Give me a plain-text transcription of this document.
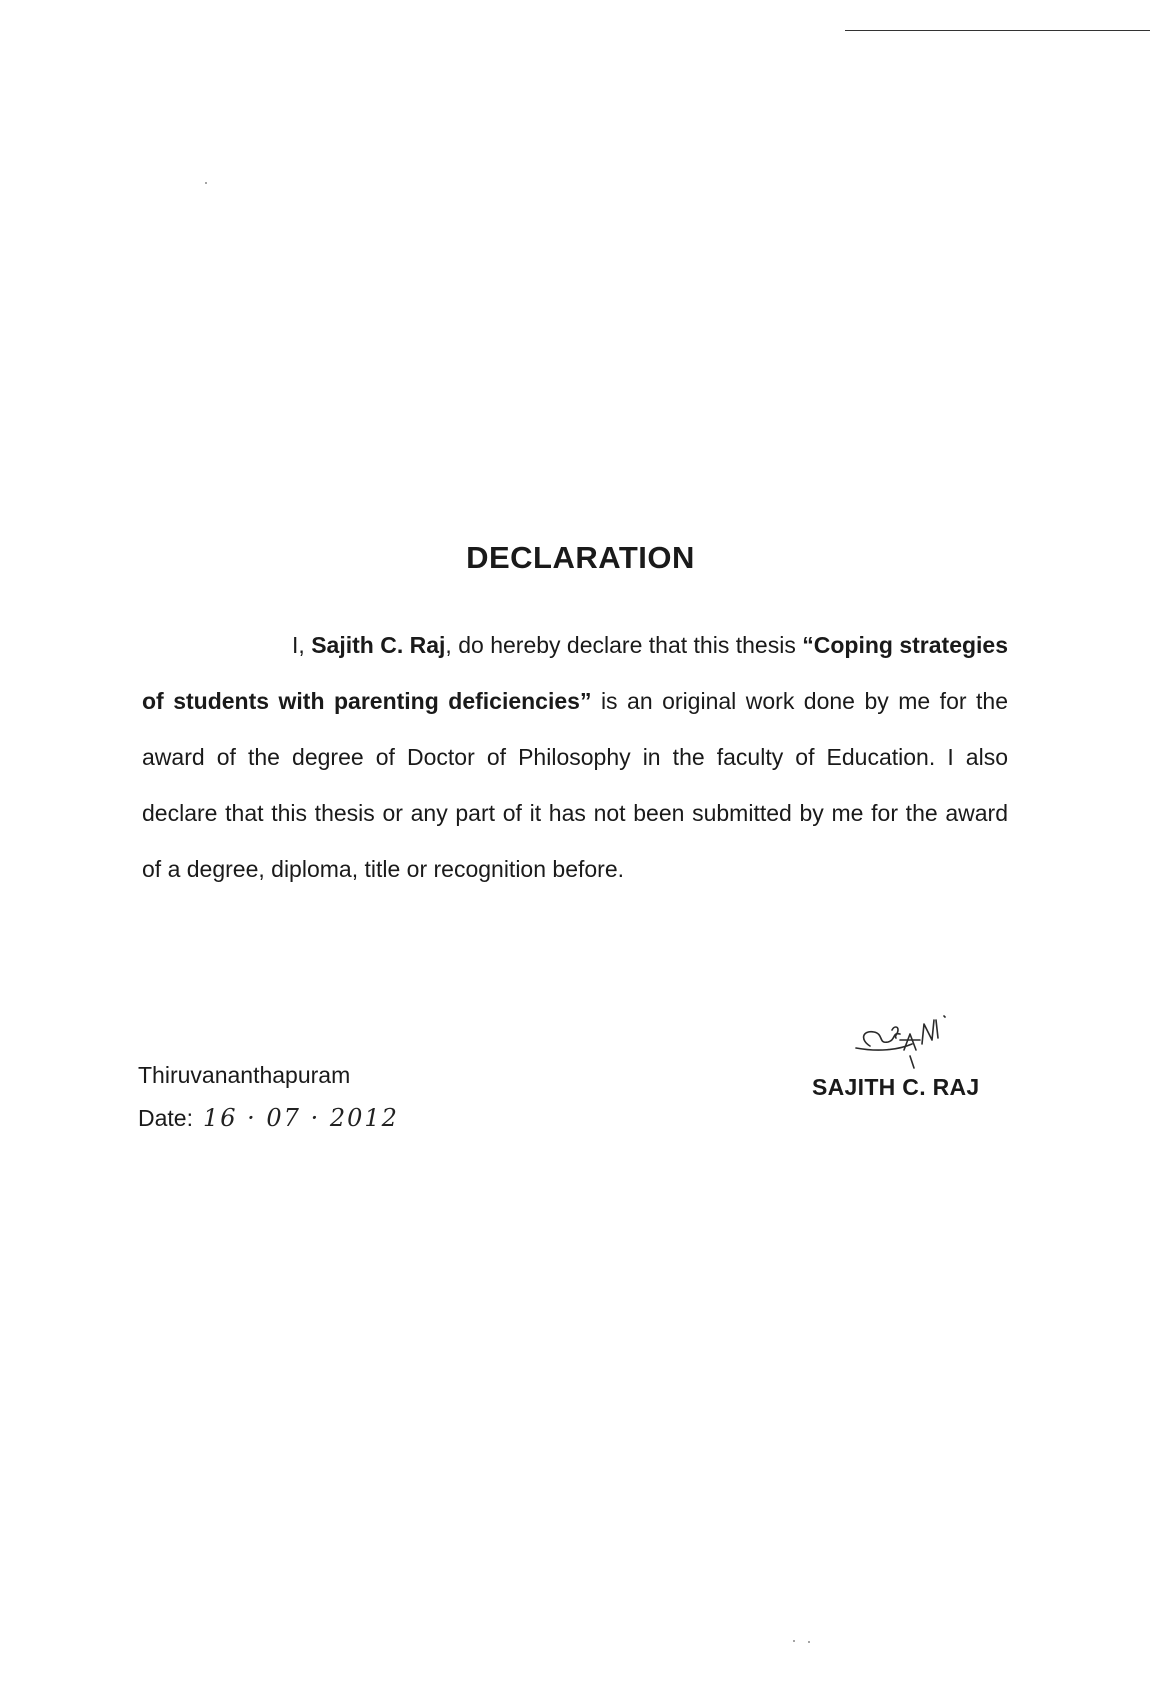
DECLARATION

I, Sajith C. Raj, do hereby declare that this thesis “Coping strategies of students with parenting deficiencies” is an original work done by me for the award of the degree of Doctor of Philosophy in the faculty of Education. I also declare that this thesis or any part of it has not been submitted by me for the award of a degree, diploma, title or recognition before.

Thiruvananthapuram

Date: 16 · 07 · 2012

SAJITH C. RAJ
